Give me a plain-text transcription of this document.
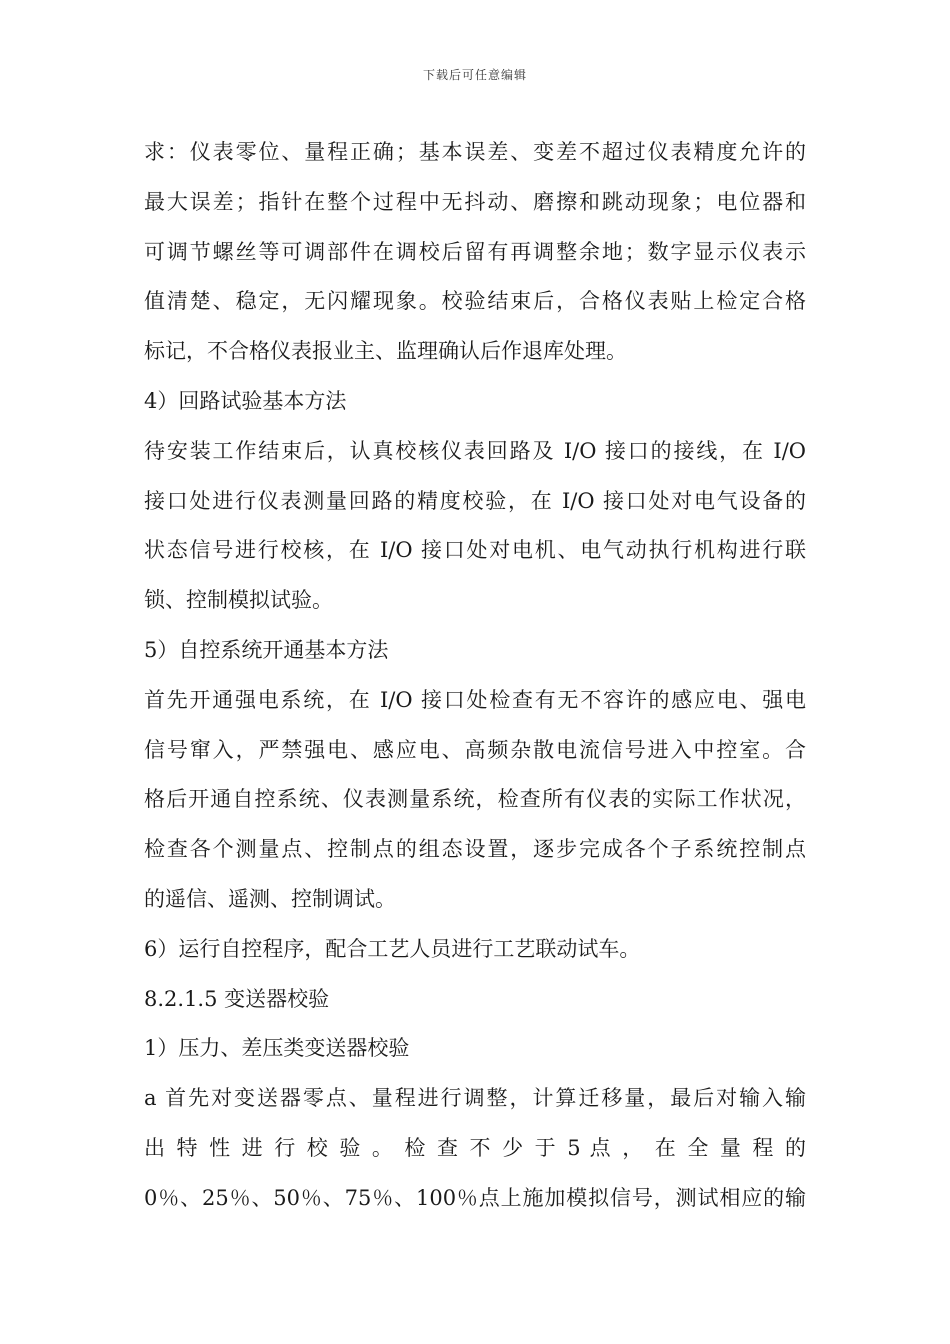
下载后可任意编辑
求：仪表零位、量程正确；基本误差、变差不超过仪表精度允许的
最大误差；指针在整个过程中无抖动、磨擦和跳动现象；电位器和
可调节螺丝等可调部件在调校后留有再调整余地；数字显示仪表示
值清楚、稳定，无闪耀现象。校验结束后，合格仪表贴上检定合格
标记，不合格仪表报业主、监理确认后作退库处理。
4）回路试验基本方法
待安装工作结束后，认真校核仪表回路及 I/O 接口的接线，在 I/O
接口处进行仪表测量回路的精度校验，在 I/O 接口处对电气设备的
状态信号进行校核，在 I/O 接口处对电机、电气动执行机构进行联
锁、控制模拟试验。
5）自控系统开通基本方法
首先开通强电系统，在 I/O 接口处检查有无不容许的感应电、强电
信号窜入，严禁强电、感应电、高频杂散电流信号进入中控室。合
格后开通自控系统、仪表测量系统，检查所有仪表的实际工作状况，
检查各个测量点、控制点的组态设置，逐步完成各个子系统控制点
的遥信、遥测、控制调试。
6）运行自控程序，配合工艺人员进行工艺联动试车。
8.2.1.5 变送器校验
1）压力、差压类变送器校验
a 首先对变送器零点、量程进行调整，计算迁移量，最后对输入输
出 特 性 进 行 校 验 。 检 查 不 少 于 5 点 ， 在 全 量 程 的
0％、25％、50％、75％、100％点上施加模拟信号，测试相应的输
